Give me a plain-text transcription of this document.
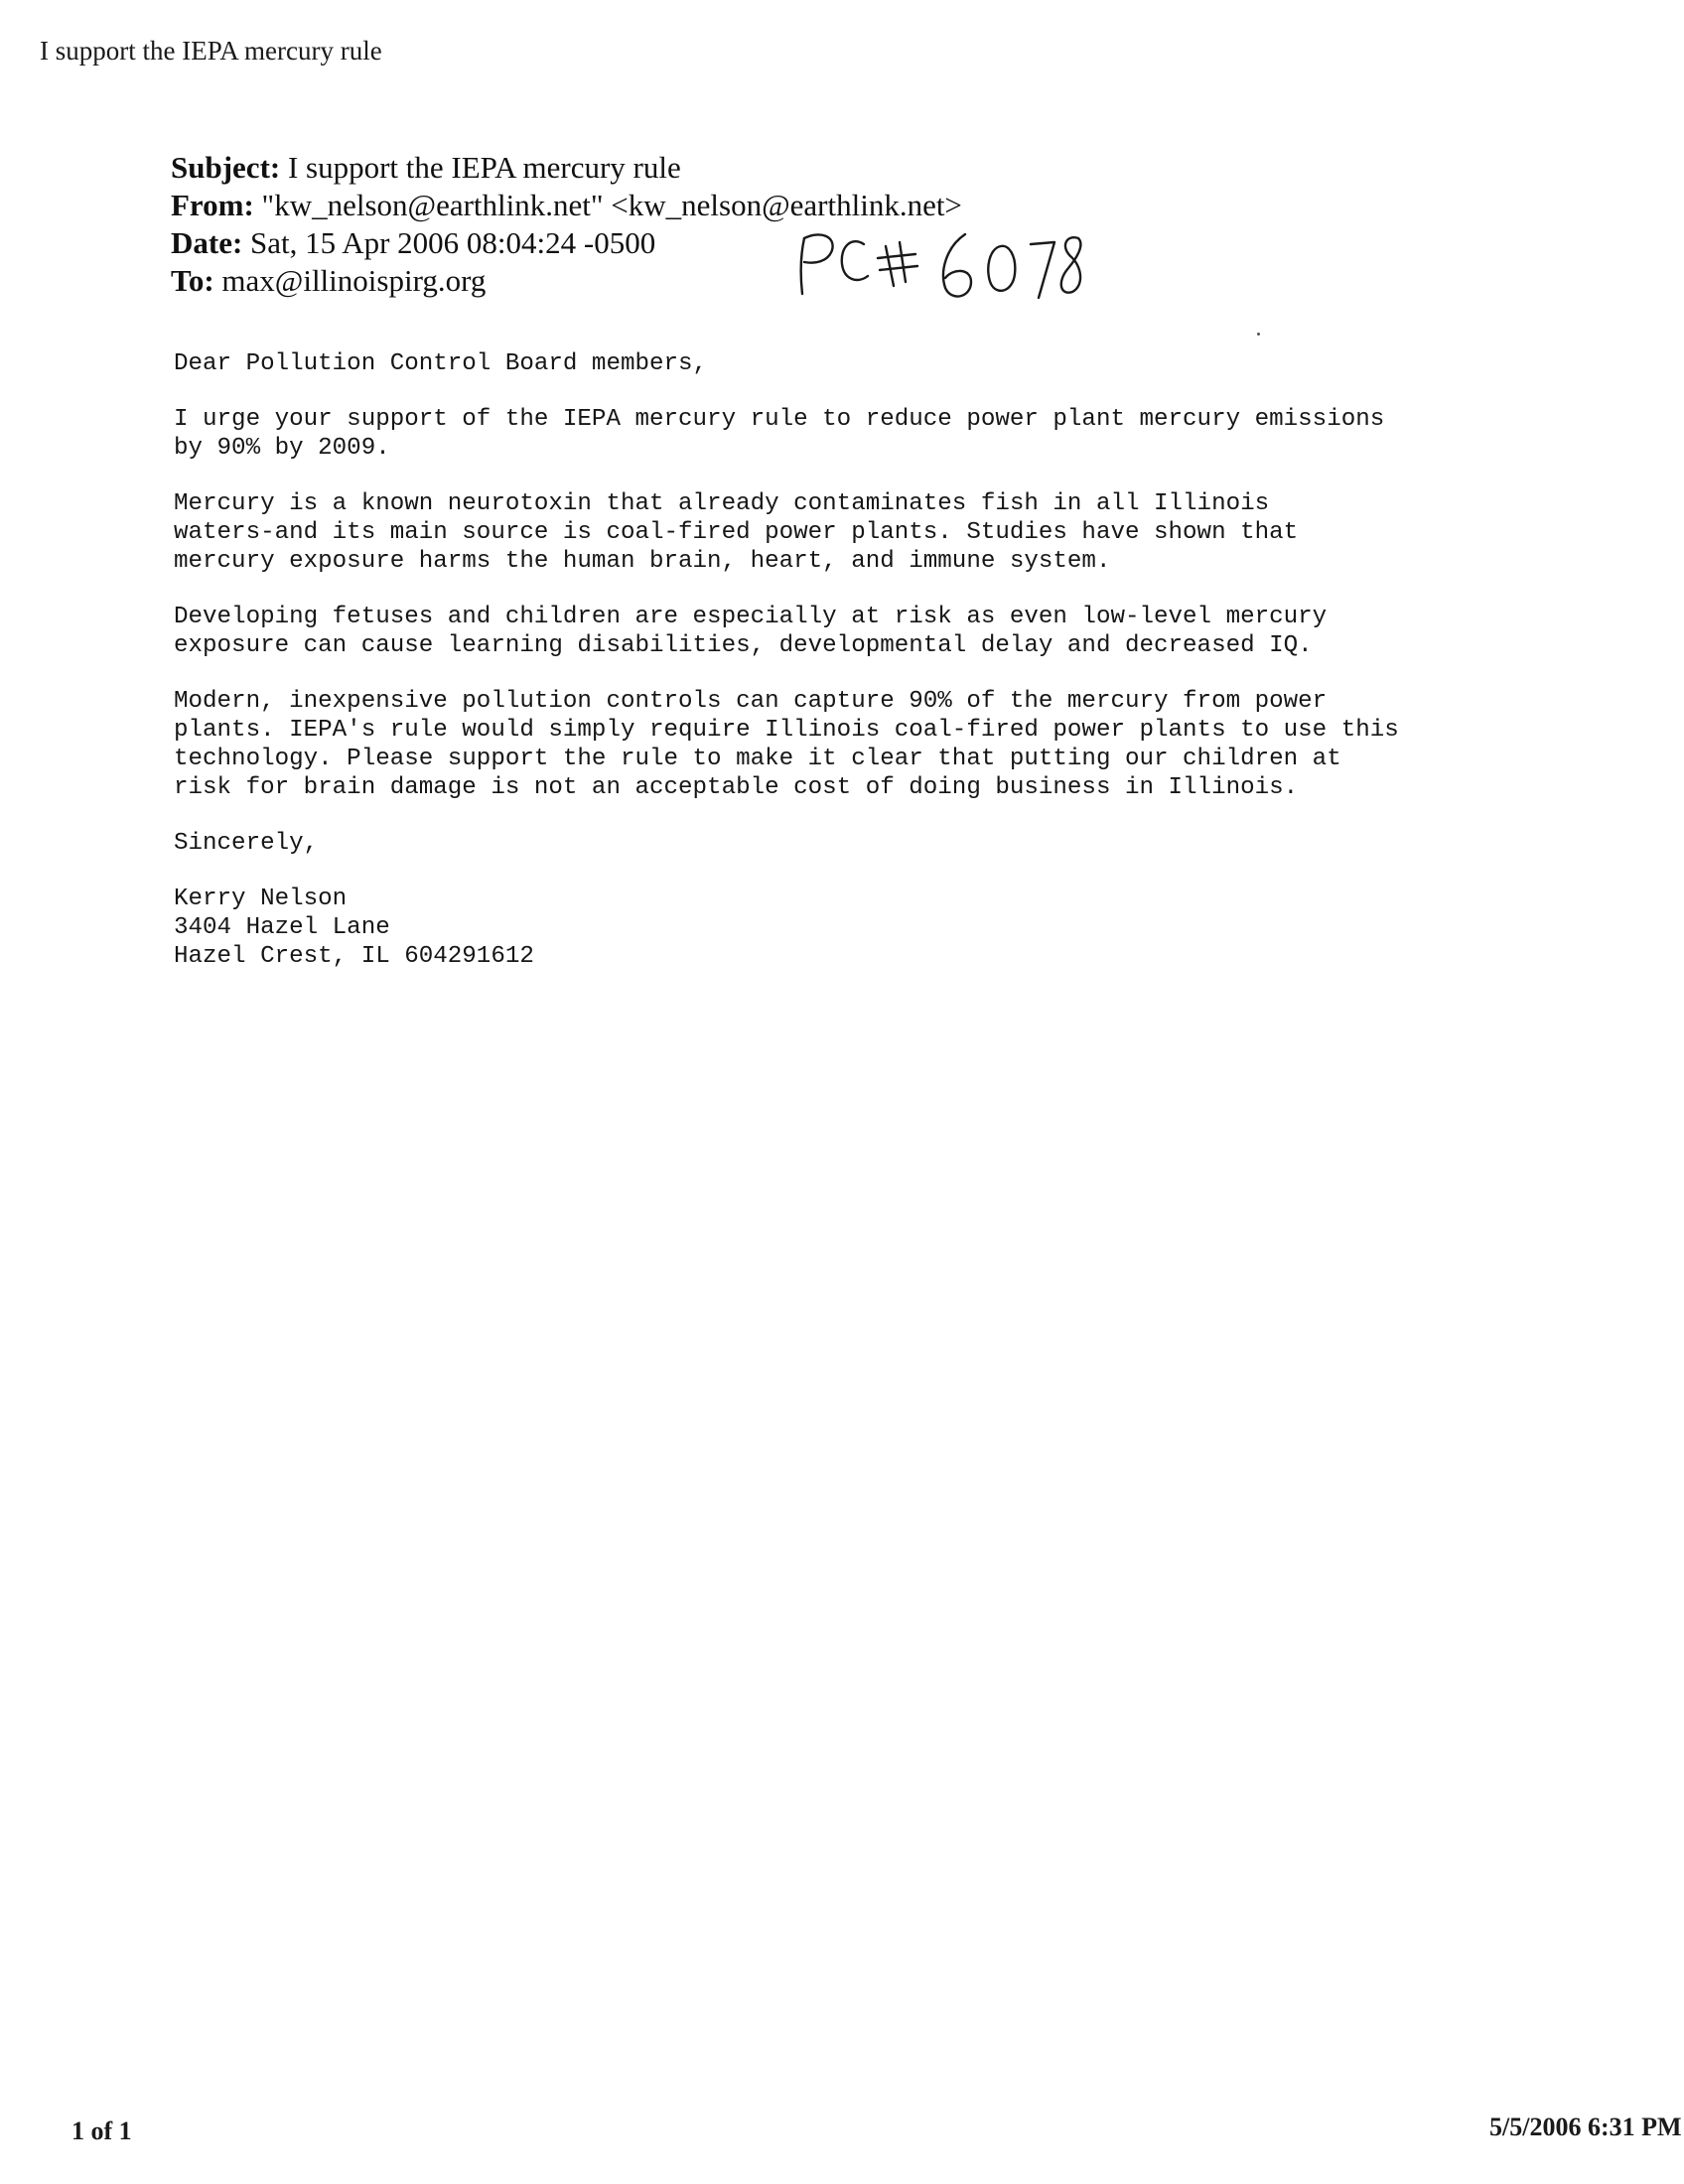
I support the IEPA mercury rule
Subject: I support the IEPA mercury rule
From: "kw_nelson@earthlink.net" <kw_nelson@earthlink.net>
Date: Sat, 15 Apr 2006 08:04:24 -0500
To: max@illinoispirg.org

Dear Pollution Control Board members,

I urge your support of the IEPA mercury rule to reduce power plant mercury emissions
by 90% by 2009.

Mercury is a known neurotoxin that already contaminates fish in all Illinois
waters-and its main source is coal-fired power plants. Studies have shown that
mercury exposure harms the human brain, heart, and immune system.

Developing fetuses and children are especially at risk as even low-level mercury
exposure can cause learning disabilities, developmental delay and decreased IQ.

Modern, inexpensive pollution controls can capture 90% of the mercury from power
plants. IEPA's rule would simply require Illinois coal-fired power plants to use this
technology. Please support the rule to make it clear that putting our children at
risk for brain damage is not an acceptable cost of doing business in Illinois.

Sincerely,

Kerry Nelson

3404 Hazel Lane

Hazel Crest, IL 604291612

1 of 1	5/5/2006 6:31 PM
